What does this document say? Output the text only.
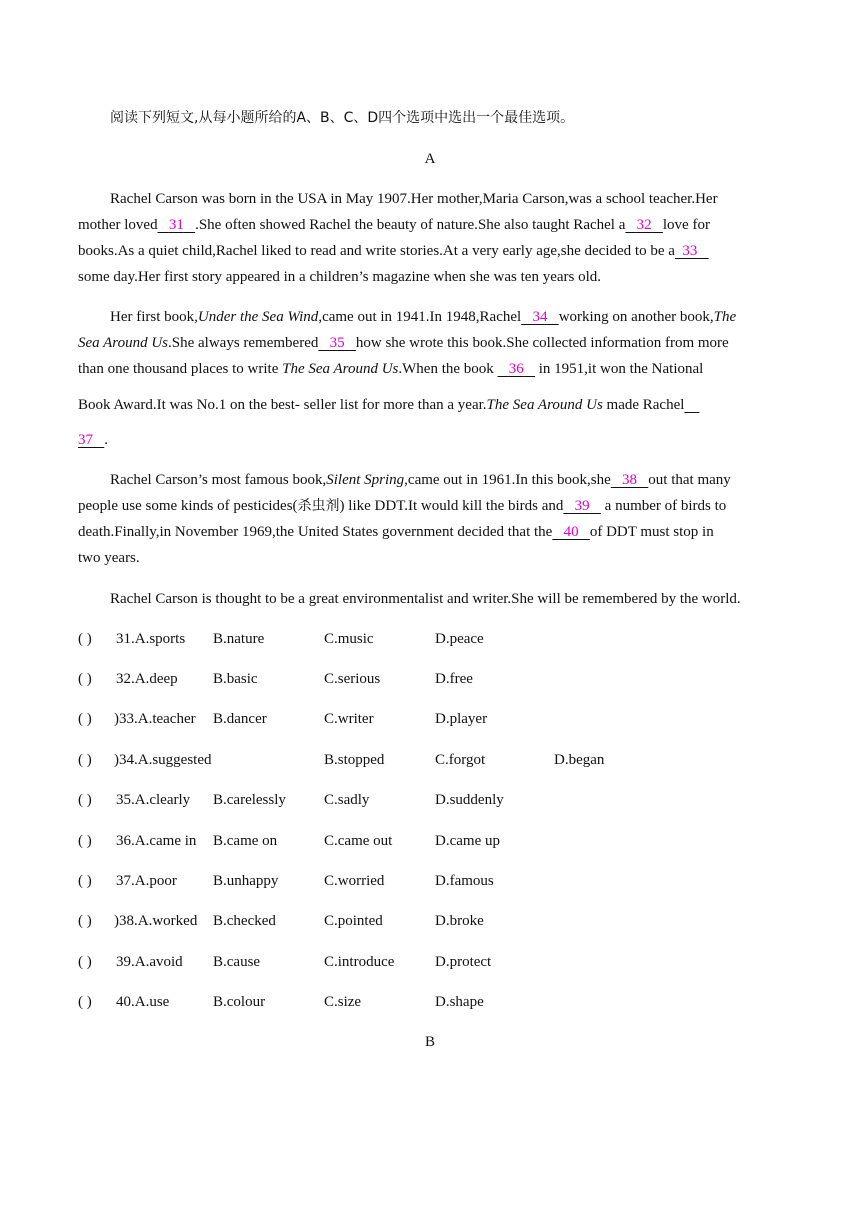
阅读下列短文,从每小题所给的A、B、C、D四个选项中选出一个最佳选项。
A
Rachel Carson was born in the USA in May 1907.Her mother,Maria Carson,was a school teacher.Her
mother loved 31 .She often showed Rachel the beauty of nature.She also taught Rachel a 32 love for
books.As a quiet child,Rachel liked to read and write stories.At a very early age,she decided to be a 33
some day.Her first story appeared in a children’s magazine when she was ten years old.
Her first book,Under the Sea Wind,came out in 1941.In 1948,Rachel 34 working on another book,The
Sea Around Us.She always remembered 35 how she wrote this book.She collected information from more
than one thousand places to write The Sea Around Us.When the book 36 in 1951,it won the National
Book Award.It was No.1 on the best- seller list for more than a year.The Sea Around Us made Rachel
37 .
Rachel Carson’s most famous book,Silent Spring,came out in 1961.In this book,she 38 out that many
people use some kinds of pesticides(杀虫剂) like DDT.It would kill the birds and 39 a number of birds to
death.Finally,in November 1969,the United States government decided that the 40 of DDT must stop in
two years.
Rachel Carson is thought to be a great environmentalist and writer.She will be remembered by the world.
( ) 31.A.sports B.nature	C.music	D.peace
( ) 32.A.deep B.basic	C.serious	D.free
( ) )33.A.teacher B.dancer	C.writer	D.player
( ) )34.A.suggested	B.stopped	C.forgot	D.began
( ) 35.A.clearly B.carelessly	C.sadly	D.suddenly
( ) 36.A.came in B.came on	C.came out	D.came up
( ) 37.A.poor B.unhappy	C.worried	D.famous
( ) )38.A.worked B.checked	C.pointed	D.broke
( ) 39.A.avoid B.cause	C.introduce	D.protect
( ) 40.A.use	B.colour	C.size	D.shape
B
